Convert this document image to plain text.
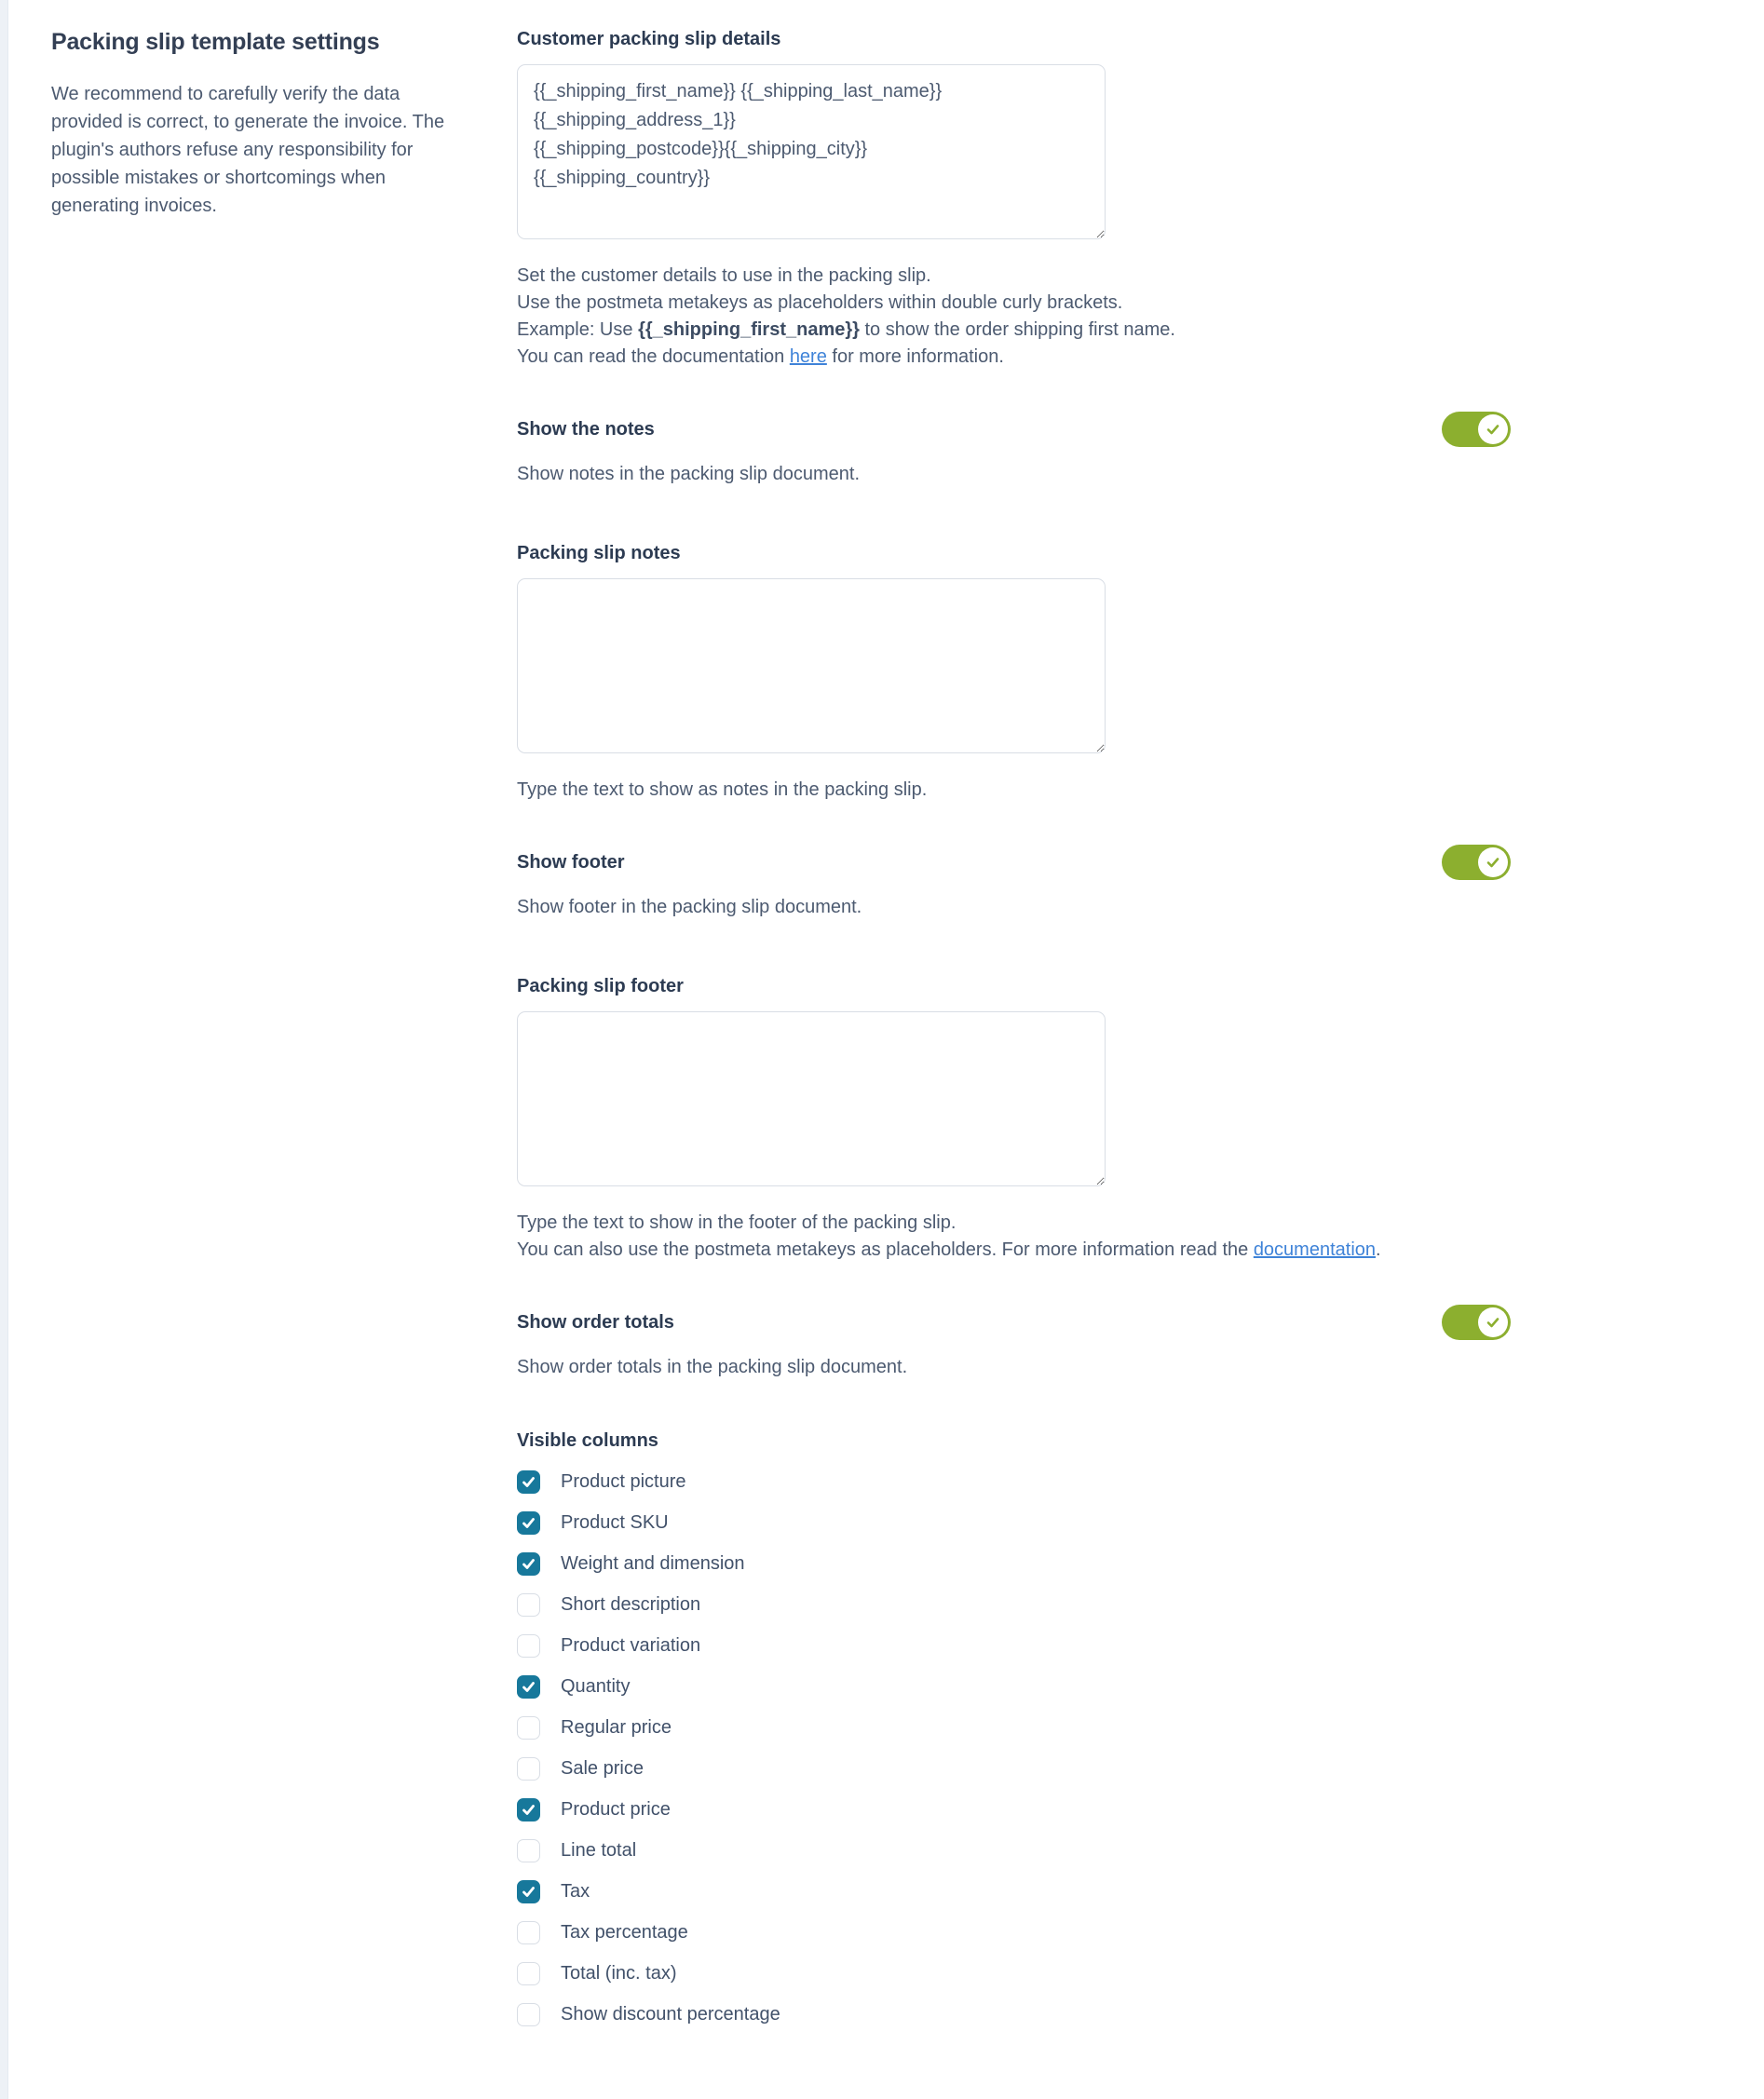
Packing slip template settings

We recommend to carefully verify the data provided is correct, to generate the invoice. The plugin's authors refuse any responsibility for possible mistakes or shortcomings when generating invoices.

Customer packing slip details
{{_shipping_first_name}} {{_shipping_last_name}} {{_shipping_address_1}} {{_shipping_postcode}}{{_shipping_city}} {{_shipping_country}}
Set the customer details to use in the packing slip.
Use the postmeta metakeys as placeholders within double curly brackets.
Example: Use {{_shipping_first_name}} to show the order shipping first name.
You can read the documentation here for more information.
Show the notes
Show notes in the packing slip document.
Packing slip notes
Type the text to show as notes in the packing slip.
Show footer
Show footer in the packing slip document.
Packing slip footer
Type the text to show in the footer of the packing slip.
You can also use the postmeta metakeys as placeholders. For more information read the documentation.
Show order totals
Show order totals in the packing slip document.
Visible columns
Product picture
Product SKU
Weight and dimension
Short description
Product variation
Quantity
Regular price
Sale price
Product price
Line total
Tax
Tax percentage
Total (inc. tax)
Show discount percentage
